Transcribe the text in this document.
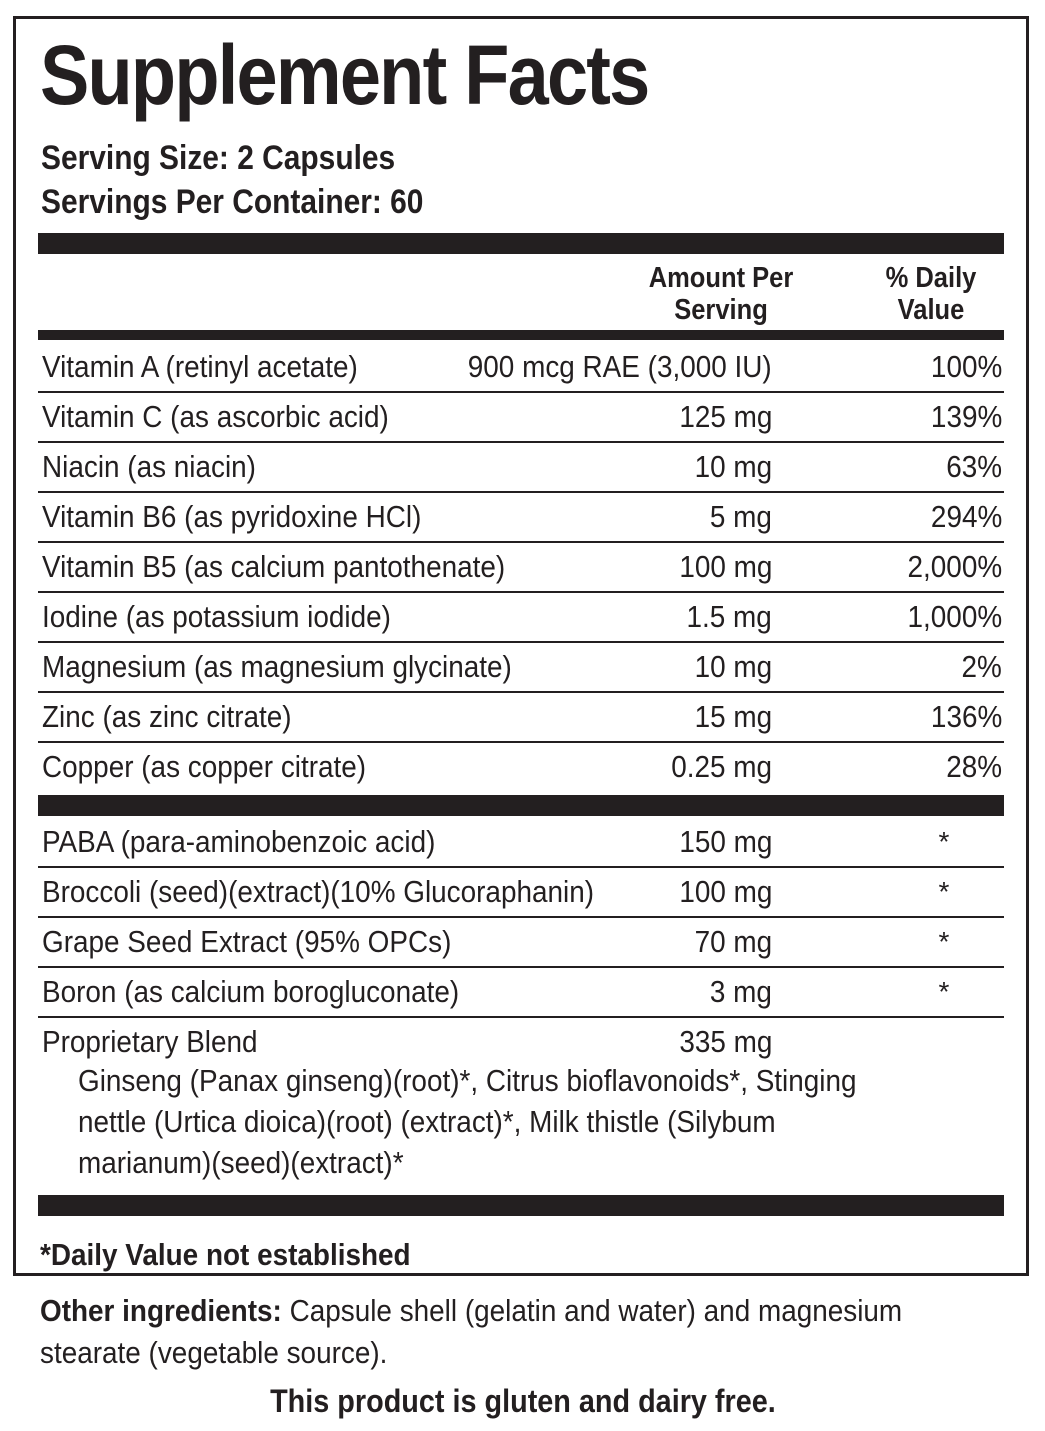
Supplement Facts
Serving Size: 2 Capsules
Servings Per Container: 60
Amount Per
Serving
% Daily
Value
Vitamin A (retinyl acetate)	900 mcg RAE (3,000 IU)	100%
Vitamin C (as ascorbic acid)	125 mg	139%
Niacin (as niacin)	10 mg	63%
Vitamin B6 (as pyridoxine HCl)	5 mg	294%
Vitamin B5 (as calcium pantothenate)	100 mg	2,000%
Iodine (as potassium iodide)	1.5 mg	1,000%
Magnesium (as magnesium glycinate)	10 mg	2%
Zinc (as zinc citrate)	15 mg	136%
Copper (as copper citrate)	0.25 mg	28%
PABA (para-aminobenzoic acid)	150 mg	*
Broccoli (seed)(extract)(10% Glucoraphanin)	100 mg	*
Grape Seed Extract (95% OPCs)	70 mg	*
Boron (as calcium borogluconate)	3 mg	*
Proprietary Blend	335 mg
Ginseng (Panax ginseng)(root)*, Citrus bioflavonoids*, Stinging
nettle (Urtica dioica)(root) (extract)*, Milk thistle (Silybum
marianum)(seed)(extract)*
*Daily Value not established
Other ingredients: Capsule shell (gelatin and water) and magnesium
stearate (vegetable source).
This product is gluten and dairy free.
